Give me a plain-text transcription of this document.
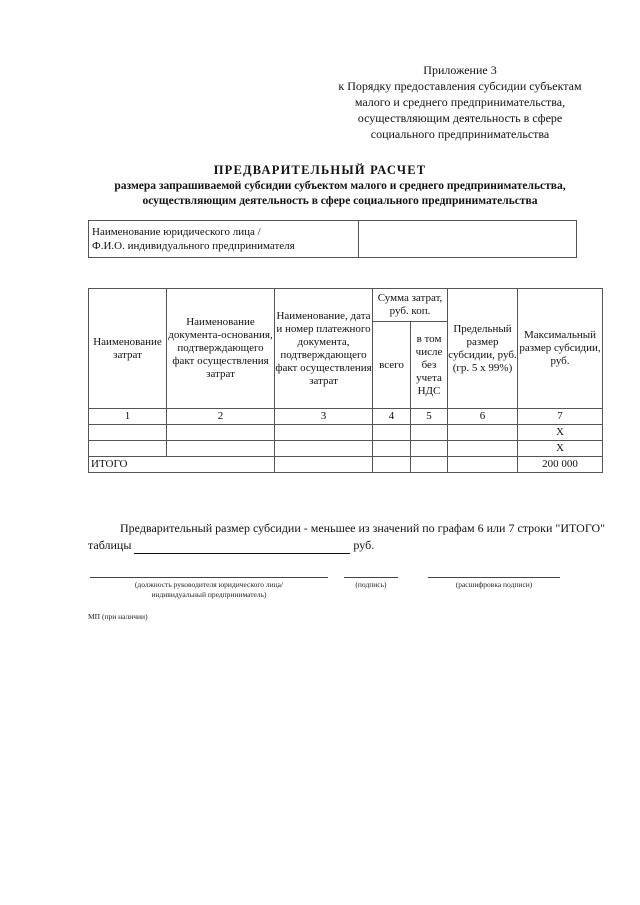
Приложение 3
к Порядку предоставления субсидии субъектам
малого и среднего предпринимательства,
осуществляющим деятельность в сфере
социального предпринимательства
ПРЕДВАРИТЕЛЬНЫЙ РАСЧЕТ
размера запрашиваемой субсидии субъектом малого и среднего предпринимательства,
осуществляющим деятельность в сфере социального предпринимательства
Наименование юридического лица /
Ф.И.О. индивидуального предпринимателя

Наименование затрат	Наименование документа-основания, подтверждающего факт осуществления затрат	Наименование, дата и номер платежного документа, подтверждающего факт осуществления затрат	Сумма затрат, руб. коп.		Предельный размер субсидии, руб. (гр. 5 х 99%)	Максимальный размер субсидии, руб.
			всего	в том числе без учета НДС		
1	2	3	4	5	6	7
						Х
						Х
ИТОГО						200 000
Предварительный размер субсидии - меньшее из значений по графам 6 или 7 строки "ИТОГО"
таблицы	руб.
(должность руководителя юридического лица/
индивидуальный предприниматель)
(подпись)	(расшифровка подписи)
МП (при наличии)
